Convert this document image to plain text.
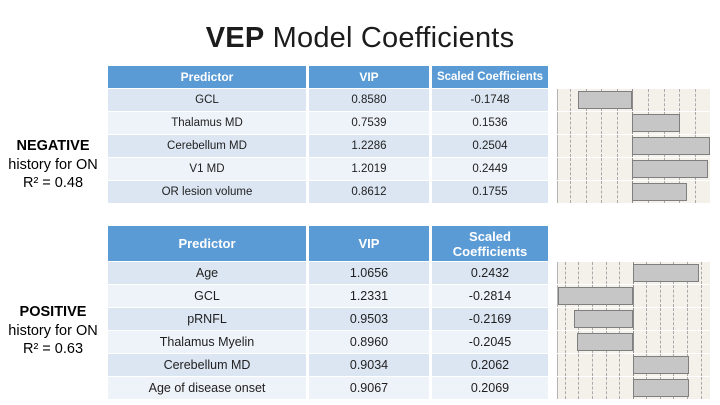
VEP Model Coefficients
NEGATIVE
history for ON
R² = 0.48
POSITIVE
history for ON
R² = 0.63
Predictor	VIP	Scaled Coefficients
GCL	0.8580	-0.1748
Thalamus MD	0.7539	0.1536
Cerebellum MD	1.2286	0.2504
V1 MD	1.2019	0.2449
OR lesion volume	0.8612	0.1755
Predictor	VIP	Scaled Coefficients
Age	1.0656	0.2432
GCL	1.2331	-0.2814
pRNFL	0.9503	-0.2169
Thalamus Myelin	0.8960	-0.2045
Cerebellum MD	0.9034	0.2062
Age of disease onset	0.9067	0.2069
